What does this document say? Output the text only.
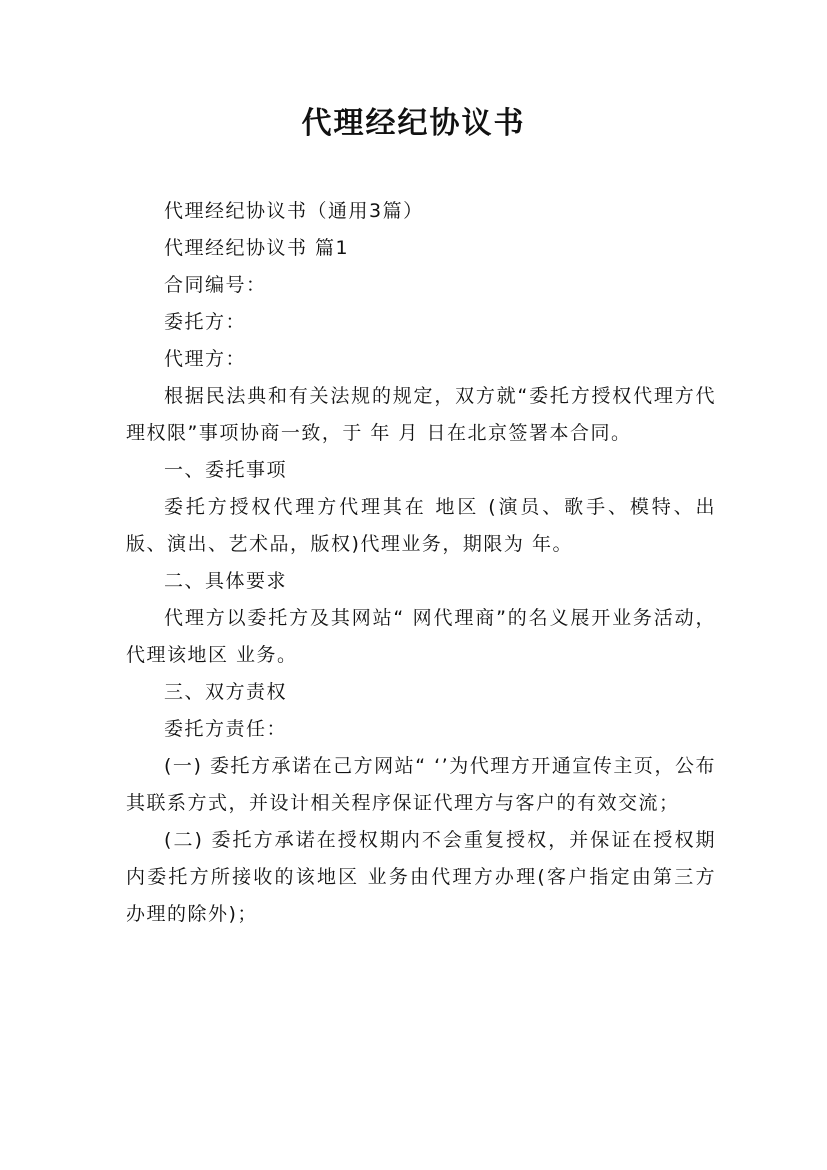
代理经纪协议书

代理经纪协议书（通用3篇）

代理经纪协议书 篇1

合同编号：

委托方：

代理方：

根据民法典和有关法规的规定，双方就“委托方授权代理方代理权限”事项协商一致，于 年 月 日在北京签署本合同。

一、委托事项

委托方授权代理方代理其在 地区 (演员、歌手、模特、出版、演出、艺术品，版权)代理业务，期限为 年。

二、具体要求

代理方以委托方及其网站“ 网代理商”的名义展开业务活动，代理该地区 业务。

三、双方责权

委托方责任：

(一) 委托方承诺在己方网站“ ‘’为代理方开通宣传主页，公布其联系方式，并设计相关程序保证代理方与客户的有效交流；

(二) 委托方承诺在授权期内不会重复授权，并保证在授权期内委托方所接收的该地区 业务由代理方办理(客户指定由第三方办理的除外)；
